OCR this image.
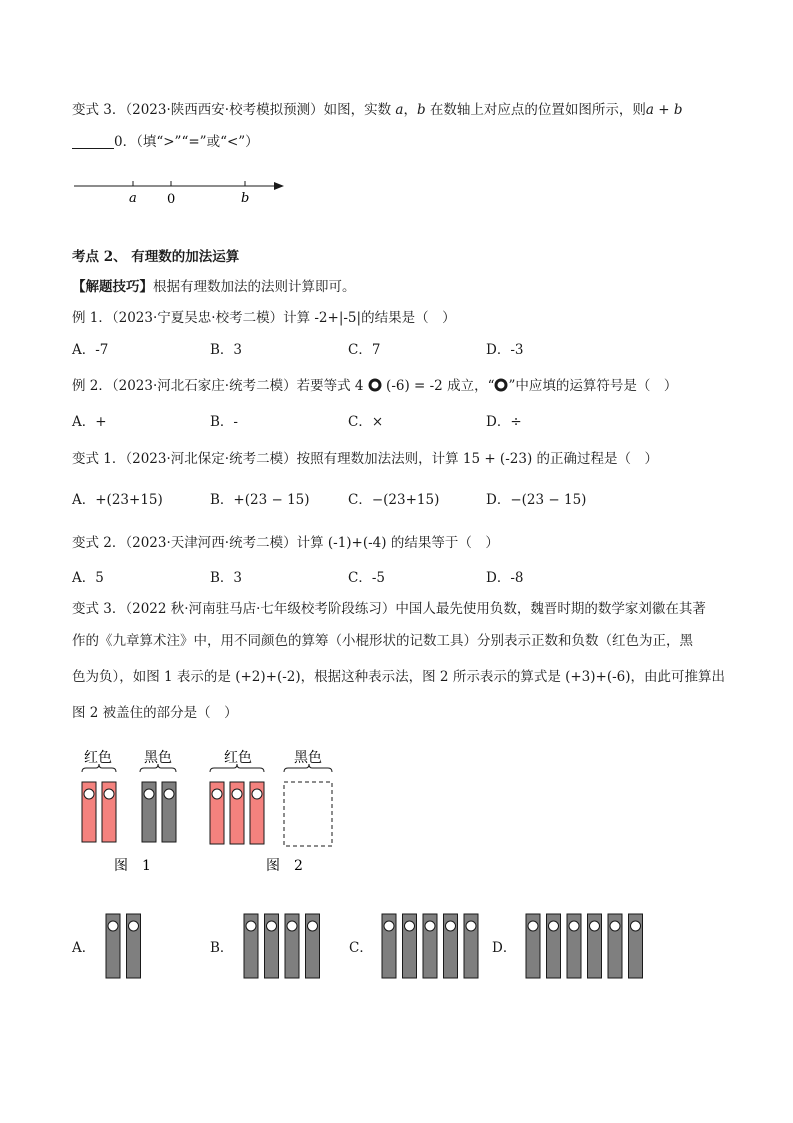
变式 3．（2023·陕西西安·校考模拟预测）如图，实数 a，b 在数轴上对应点的位置如图所示，则a + b
0．（填“>”“=”或“<”）
a 0	b
考点 2、 有理数的加法运算
【解题技巧】根据有理数加法的法则计算即可。
例 1．（2023·宁夏吴忠·校考二模）计算 -2+|-5|的结果是（　）
A．-7	B．3	C．7	D．-3
例 2．（2023·河北石家庄·统考二模）若要等式 4 (-6) = -2 成立，“ ”中应填的运算符号是（　）
A．+	B．-	C．×	D．÷
变式 1．（2023·河北保定·统考二模）按照有理数加法法则，计算 15 + (-23) 的正确过程是（　）
A．+(23+15)	B．+(23 − 15)	C．−(23+15)	D．−(23 − 15)
变式 2．（2023·天津河西·统考二模）计算 (-1)+(-4) 的结果等于（　）
A．5	B．3	C．-5	D．-8
变式 3．（2022 秋·河南驻马店·七年级校考阶段练习）中国人最先使用负数，魏晋时期的数学家刘徽在其著
作的《九章算术注》中，用不同颜色的算筹（小棍形状的记数工具）分别表示正数和负数（红色为正，黑
色为负），如图 1 表示的是 (+2)+(-2)，根据这种表示法，图 2 所示表示的算式是 (+3)+(-6)，由此可推算出
图 2 被盖住的部分是（　）
红色 黑色
图　1
红色	黑色
图　2
A．	B．	C．	D．
